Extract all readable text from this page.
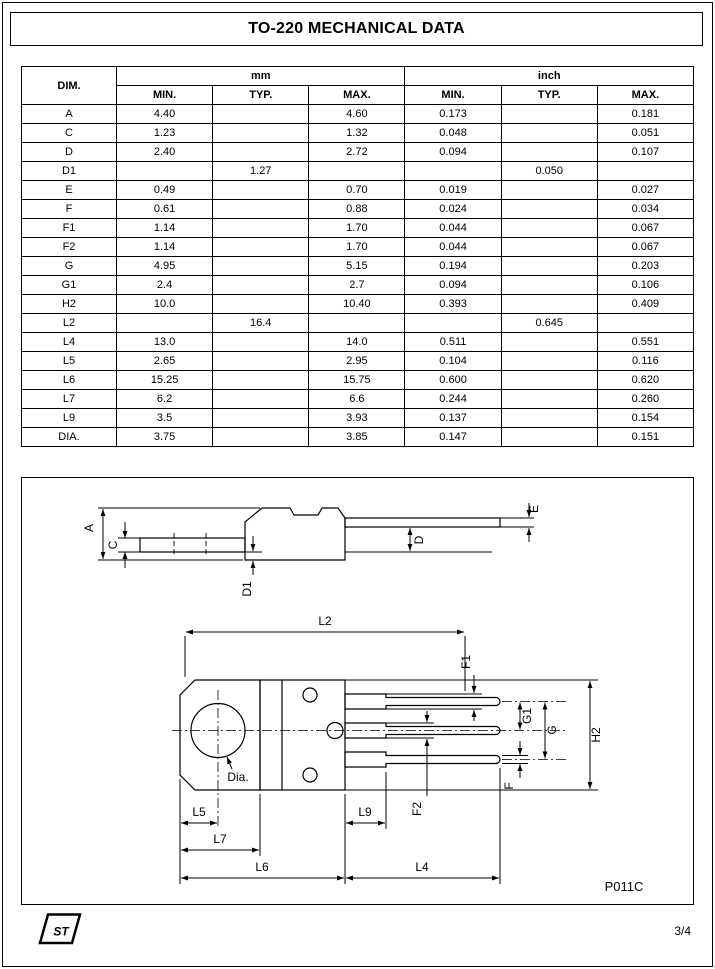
TO-220 MECHANICAL DATA
DIM.	mm			inch		
	MIN.	TYP.	MAX.	MIN.	TYP.	MAX.
A	4.40		4.60	0.173		0.181
C	1.23		1.32	0.048		0.051
D	2.40		2.72	0.094		0.107
D1		1.27			0.050	
E	0.49		0.70	0.019		0.027
F	0.61		0.88	0.024		0.034
F1	1.14		1.70	0.044		0.067
F2	1.14		1.70	0.044		0.067
G	4.95		5.15	0.194		0.203
G1	2.4		2.7	0.094		0.106
H2	10.0		10.40	0.393		0.409
L2		16.4			0.645	
L4	13.0		14.0	0.511		0.551
L5	2.65		2.95	0.104		0.116
L6	15.25		15.75	0.600		0.620
L7	6.2		6.6	0.244		0.260
L9	3.5		3.93	0.137		0.154
DIA.	3.75		3.85	0.147		0.151
A
C
D
D1
E
Dia.
L2
F1
G1
G	H2
F
F2
L5
L7
L9
L6	L4
P011C
ST	3/4
